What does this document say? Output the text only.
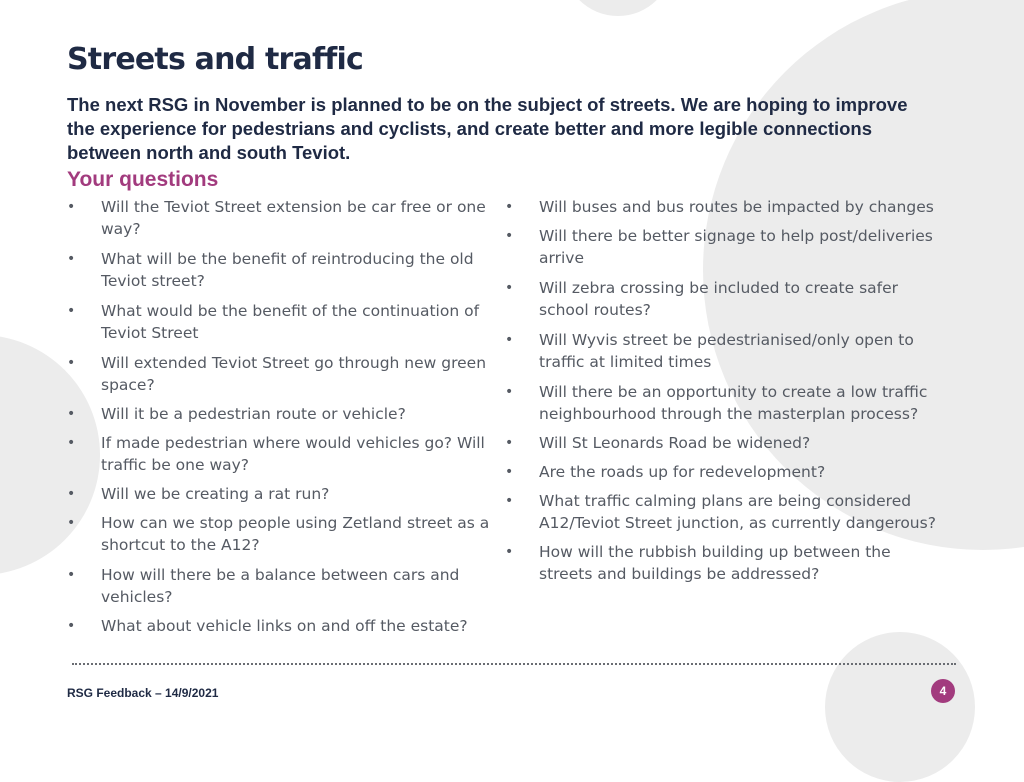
Streets and traffic

The next RSG in November is planned to be on the subject of streets. We are hoping to improve the experience for pedestrians and cyclists, and create better and more legible connections between north and south Teviot.

Your questions
• Will the Teviot Street extension be car free or one way?
• What will be the benefit of reintroducing the old Teviot street?
• What would be the benefit of the continuation of Teviot Street
• Will extended Teviot Street go through new green space?
• Will it be a pedestrian route or vehicle?
• If made pedestrian where would vehicles go? Will traffic be one way?
• Will we be creating a rat run?
• How can we stop people using Zetland street as a shortcut to the A12?
• How will there be a balance between cars and vehicles?
• What about vehicle links on and off the estate?
• Will buses and bus routes be impacted by changes
• Will there be better signage to help post/deliveries arrive
• Will zebra crossing be included to create safer school routes?
• Will Wyvis street be pedestrianised/only open to traffic at limited times
• Will there be an opportunity to create a low traffic neighbourhood through the masterplan process?
• Will St Leonards Road be widened?
• Are the roads up for redevelopment?
• What traffic calming plans are being considered A12/Teviot Street junction, as currently dangerous?
• How will the rubbish building up between the streets and buildings be addressed?

RSG Feedback – 14/9/2021	4
